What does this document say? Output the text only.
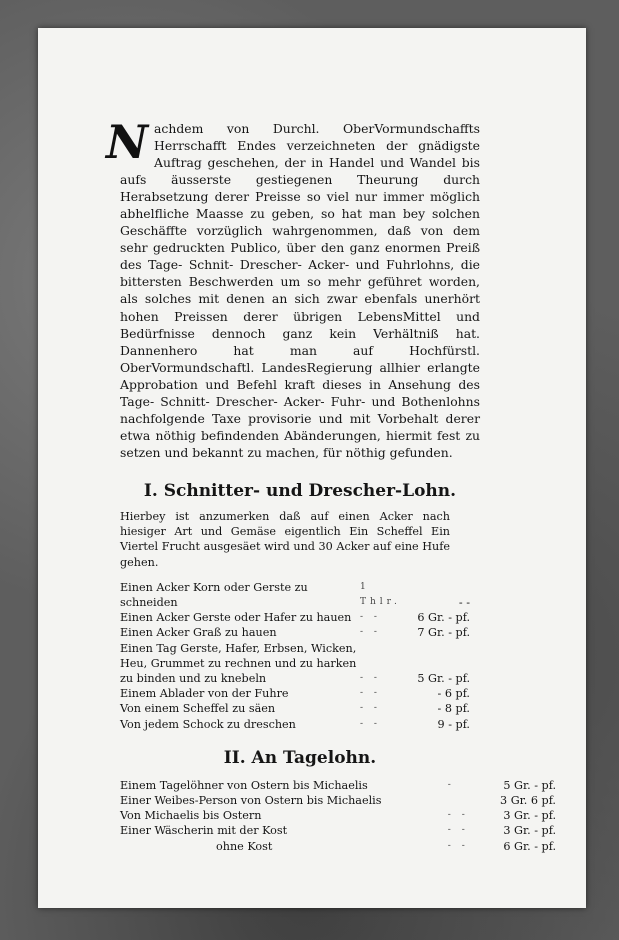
N achdem von Durchl. OberVormundschaffts Herrschafft Endes verzeichneten der gnädigste Auftrag geschehen, der in Handel und Wandel bis aufs äusserste gestiegenen Theurung durch Herabsetzung derer Preisse so viel nur immer möglich abhelfliche Maasse zu geben, so hat man bey solchen Geschäffte vorzüglich wahrgenommen, daß von dem sehr gedruckten Publico, über den ganz enormen Preiß des Tage- Schnit- Drescher- Acker- und Fuhrlohns, die bittersten Beschwerden um so mehr geführet worden, als solches mit denen an sich zwar ebenfals unerhört hohen Preissen derer übrigen LebensMittel und Bedürfnisse dennoch ganz kein Verhältniß hat. Dannenhero hat man auf Hochfürstl. OberVormundschaftl. LandesRegierung allhier erlangte Approbation und Befehl kraft dieses in Ansehung des Tage- Schnitt- Drescher- Acker- Fuhr- und Bothenlohns nachfolgende Taxe provisorie und mit Vorbehalt derer etwa nöthig befindenden Abänderungen, hiermit fest zu setzen und bekannt zu machen, für nöthig gefunden.
I. Schnitter- und Drescher-Lohn.

Hierbey ist anzumerken daß auf einen Acker nach hiesiger Art und Gemäse eigentlich Ein Scheffel Ein Viertel Frucht ausgesäet wird und 30 Acker auf eine Hufe gehen.

Einen Acker Korn oder Gerste zu schneiden	1 Thlr.	- -
Einen Acker Gerste oder Hafer zu hauen	- -	6 Gr. - pf.
Einen Acker Graß zu hauen	- -	7 Gr. - pf.
Einen Tag Gerste, Hafer, Erbsen, Wicken, Heu, Grummet zu rechnen und zu harken zu binden und zu knebeln	- -	5 Gr. - pf.
Einem Ablader von der Fuhre	- -	- 6 pf.
Von einem Scheffel zu säen	- -	- 8 pf.
Von jedem Schock zu dreschen	- -	9 - pf.
II. An Tagelohn.
Einem Tagelöhner von Ostern bis Michaelis	-	5 Gr. - pf.
Einer Weibes-Person von Ostern bis Michaelis		3 Gr. 6 pf.
Von Michaelis bis Ostern	- -	3 Gr. - pf.
Einer Wäscherin mit der Kost	- -	3 Gr. - pf.
ohne Kost	- -	6 Gr. - pf.
